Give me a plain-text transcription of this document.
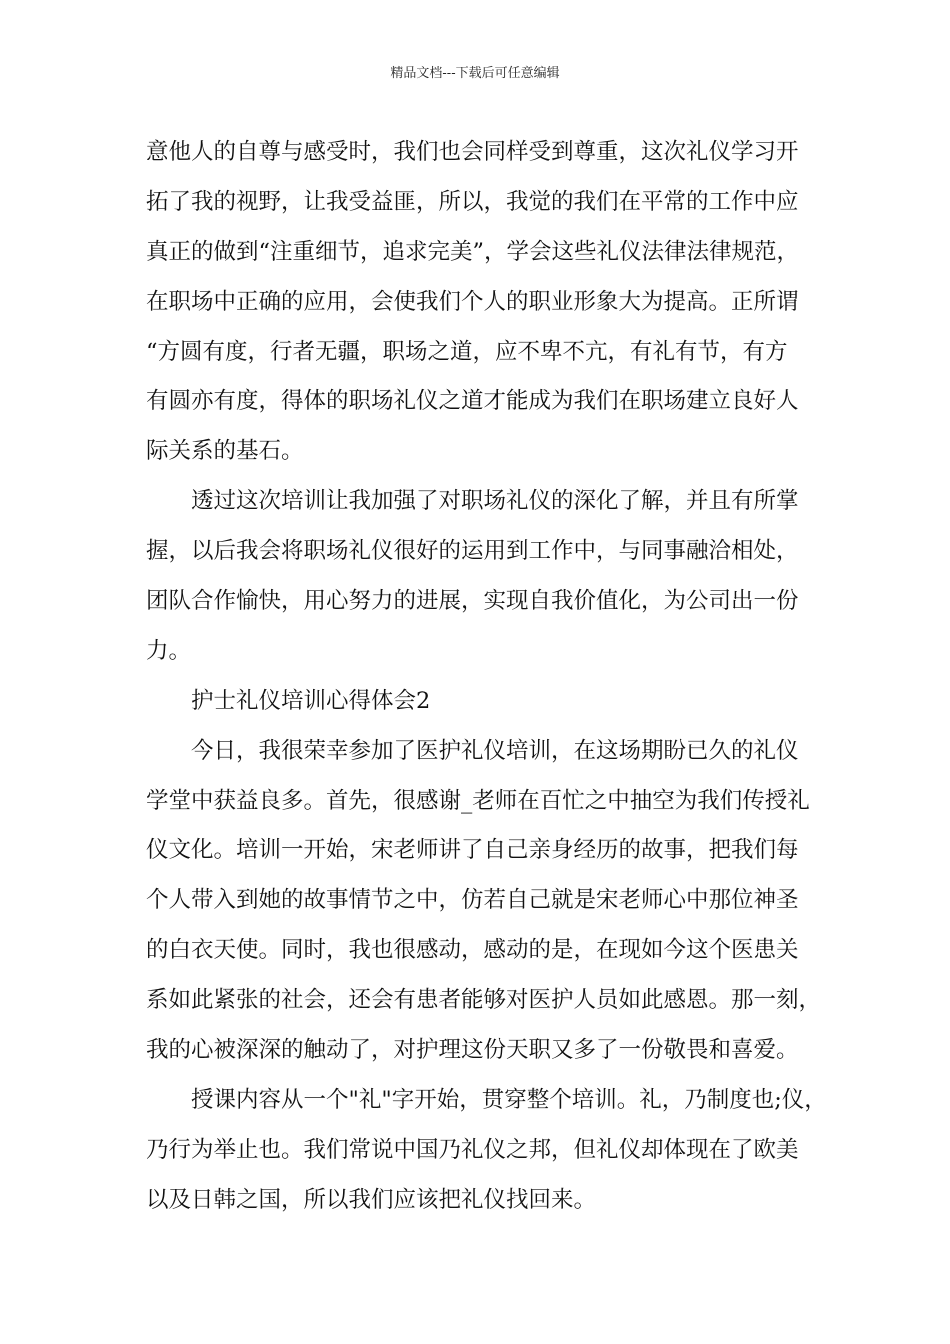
精品文档---下载后可任意编辑
意他人的自尊与感受时，我们也会同样受到尊重，这次礼仪学习开
拓了我的视野，让我受益匪，所以，我觉的我们在平常的工作中应
真正的做到“注重细节，追求完美”，学会这些礼仪法律法律规范，
在职场中正确的应用，会使我们个人的职业形象大为提高。正所谓
“方圆有度，行者无疆，职场之道，应不卑不亢，有礼有节，有方
有圆亦有度，得体的职场礼仪之道才能成为我们在职场建立良好人
际关系的基石。
透过这次培训让我加强了对职场礼仪的深化了解，并且有所掌
握，以后我会将职场礼仪很好的运用到工作中，与同事融洽相处，
团队合作愉快，用心努力的进展，实现自我价值化，为公司出一份
力。
护士礼仪培训心得体会2
今日，我很荣幸参加了医护礼仪培训，在这场期盼已久的礼仪
学堂中获益良多。首先，很感谢_老师在百忙之中抽空为我们传授礼
仪文化。培训一开始，宋老师讲了自己亲身经历的故事，把我们每
个人带入到她的故事情节之中，仿若自己就是宋老师心中那位神圣
的白衣天使。同时，我也很感动，感动的是，在现如今这个医患关
系如此紧张的社会，还会有患者能够对医护人员如此感恩。那一刻，
我的心被深深的触动了，对护理这份天职又多了一份敬畏和喜爱。
授课内容从一个"礼"字开始，贯穿整个培训。礼，乃制度也;仪，
乃行为举止也。我们常说中国乃礼仪之邦，但礼仪却体现在了欧美
以及日韩之国，所以我们应该把礼仪找回来。
